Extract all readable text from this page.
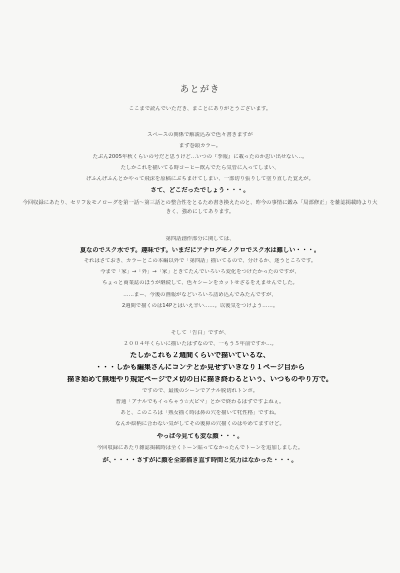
あとがき
ここまで読んでいただき、まことにありがとうございます。
スペースの関係で解説込みで色々書きますが
まず巻頭カラー。
たぶん2005年秋くらいの号だと思うけど…いつの『季報』に載ったのか思い出せない…。
たしかこれを描いてる時コーヒー飲んでたら気管に入ってしまい、
げふんげふんとかやって飛沫を原稿にぶちまけてしまい、一部切り張りして塗り直した覚えが。
さて、どこだったでしょう・・・。
今回収録にあたり、セリフ＆モノローグを第一話～第三話との整合性をとるため書き換えたのと、昨今の事情に鑑み「局部修正」を雑誌掲載時より大きく、強めにしてあります。
第四話創作部分に関しては、
夏なのでスク水です。趣味です。いまだにアナログモノクロでスク水は難しい・・・。
それはさておき、カラーとこの本編以外で「第四話」描いてるので、分けるか、迷うところです。
今まで「家」→「外」→「家」ときてたんでいろいろ変化をつけたかったのですが、
ちょっと商業誌のほうが継続して、色々シーンをカットせざるをえませんでした。
……まー、今後の画報がなどいろいろ詰め込んでみたんですが、
2週間で描くのは14Pとはいえ辛い……。以後気をつけよう……。
そして「告白」ですが、
２００４年くらいに描いたはずなので、一もう５年前ですか…。
たしかこれも２週間くらいで描いているな、
・・・しかも編集さんにコンテとか見せずいきなり１ページ目から
描き始めて無理やり規定ページでメ切の日に描き終わるという、いつものやり方で。
ですので、最後のシーンでアナル脱切れトンボ。
普通「アナルでもイっちゃう☆大ピマ」とかで終わるはずですよねぇ。
あと、このころは「熟女描く時は鼻の穴を描いて牝性格」ですね。
なんか絵柄に合わない気がしてその後鼻の穴描くのはやめてますけど。
やっぱ今見ても変な顔・・・。
今回収録にあたり雑誌掲載時は全くトーン貼ってなかったんでトーンを追加しました。
が、・・・・さすがに顔を全部描き直す時間と気力はなかった・・・。
